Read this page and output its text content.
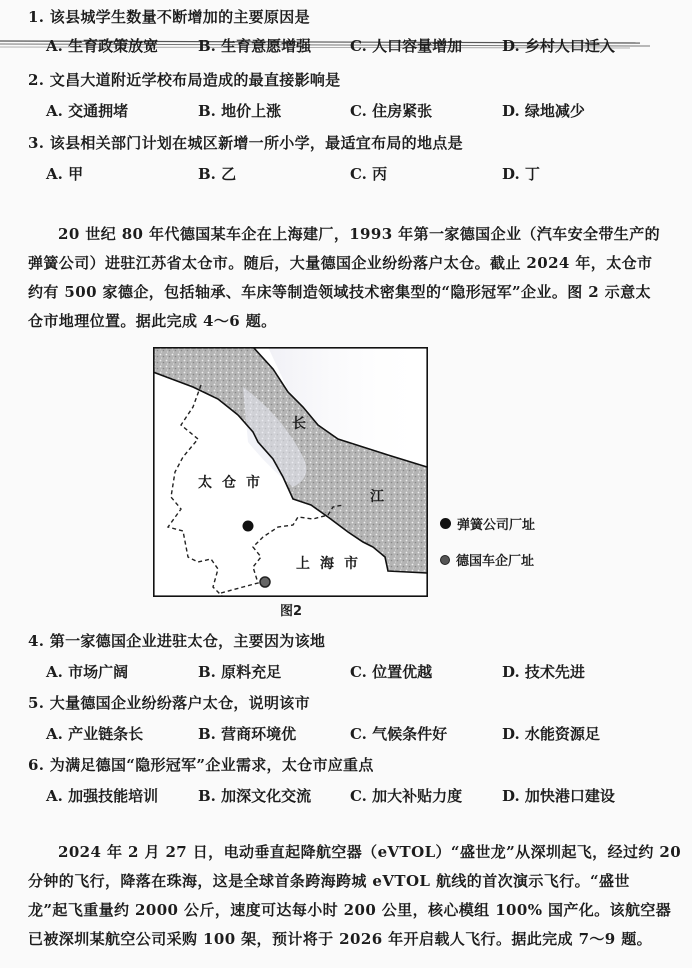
1. 该县城学生数量不断增加的主要原因是
A. 生育政策放宽	B. 生育意愿增强	C. 人口容量增加	D. 乡村人口迁入
2. 文昌大道附近学校布局造成的最直接影响是
A. 交通拥堵	B. 地价上涨	C. 住房紧张	D. 绿地减少
3. 该县相关部门计划在城区新增一所小学，最适宜布局的地点是
A. 甲	B. 乙	C. 丙	D. 丁
20 世纪 80 年代德国某车企在上海建厂，1993 年第一家德国企业（汽车安全带生产的
弹簧公司）进驻江苏省太仓市。随后，大量德国企业纷纷落户太仓。截止 2024 年，太仓市
约有 500 家德企，包括轴承、车床等制造领域技术密集型的“隐形冠军”企业。图 2 示意太
仓市地理位置。据此完成 4～6 题。
太仓市
上海市
长
江
图2
弹簧公司厂址
德国车企厂址
4. 第一家德国企业进驻太仓，主要因为该地
A. 市场广阔	B. 原料充足	C. 位置优越	D. 技术先进
5. 大量德国企业纷纷落户太仓，说明该市
A. 产业链条长	B. 营商环境优	C. 气候条件好	D. 水能资源足
6. 为满足德国“隐形冠军”企业需求，太仓市应重点
A. 加强技能培训	B. 加深文化交流	C. 加大补贴力度	D. 加快港口建设
2024 年 2 月 27 日，电动垂直起降航空器（eVTOL）“盛世龙”从深圳起飞，经过约 20
分钟的飞行，降落在珠海，这是全球首条跨海跨城 eVTOL 航线的首次演示飞行。“盛世
龙”起飞重量约 2000 公斤，速度可达每小时 200 公里，核心模组 100% 国产化。该航空器
已被深圳某航空公司采购 100 架，预计将于 2026 年开启载人飞行。据此完成 7～9 题。
